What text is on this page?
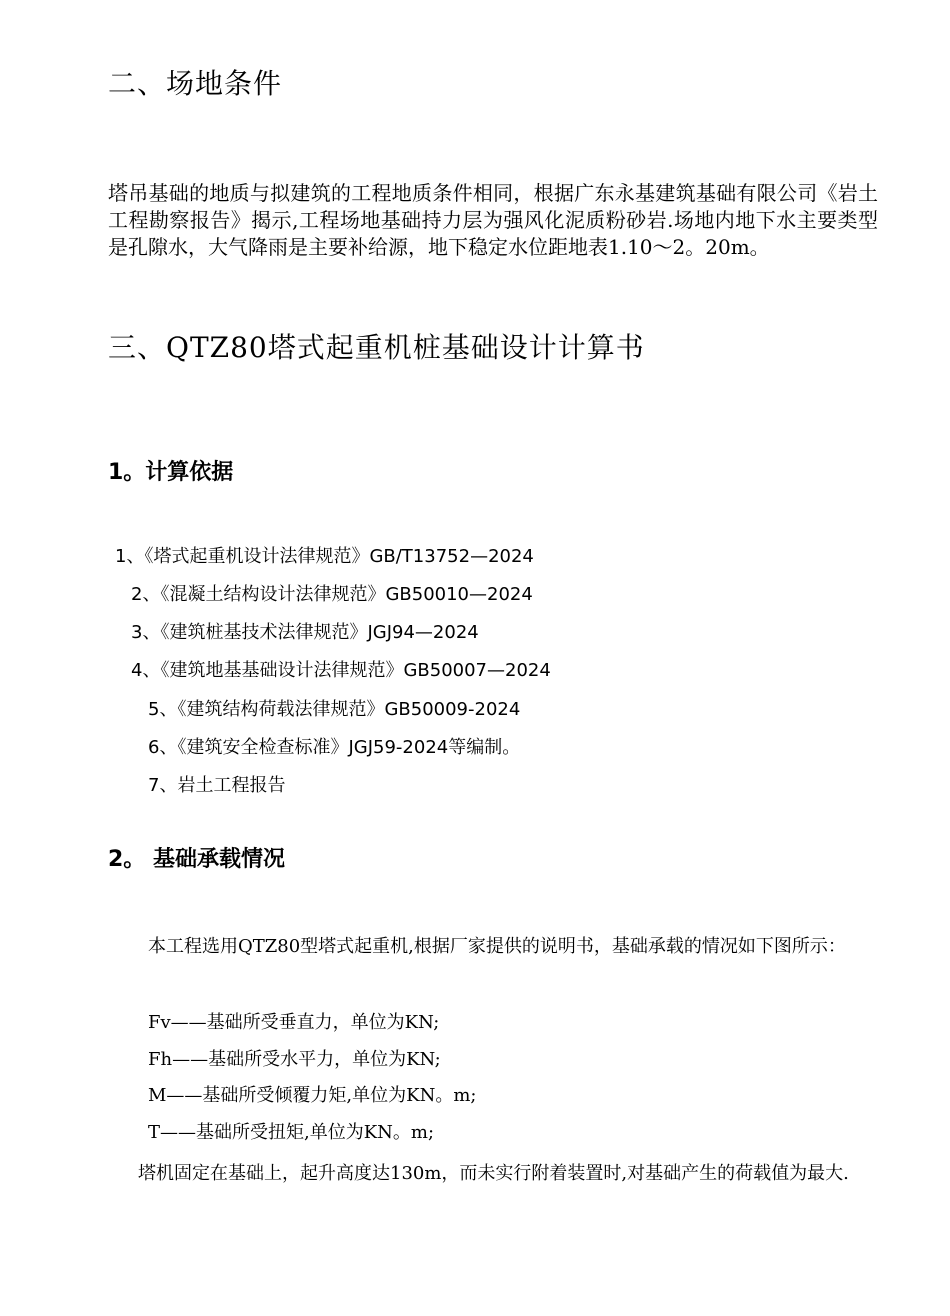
二、场地条件
塔吊基础的地质与拟建筑的工程地质条件相同，根据广东永基建筑基础有限公司《岩土工程勘察报告》揭示,工程场地基础持力层为强风化泥质粉砂岩.场地内地下水主要类型是孔隙水，大气降雨是主要补给源，地下稳定水位距地表1.10～2。20m。
三、QTZ80塔式起重机桩基础设计计算书
1。计算依据
1、《塔式起重机设计法律规范》GB/T13752—2024
2、《混凝土结构设计法律规范》GB50010—2024
3、《建筑桩基技术法律规范》JGJ94—2024
4、《建筑地基基础设计法律规范》GB50007—2024
5、《建筑结构荷载法律规范》GB50009-2024
6、《建筑安全检查标准》JGJ59-2024等编制。
7、岩土工程报告
2。 基础承载情况
本工程选用QTZ80型塔式起重机,根据厂家提供的说明书，基础承载的情况如下图所示：
Fv——基础所受垂直力，单位为KN;
Fh——基础所受水平力，单位为KN;
M——基础所受倾覆力矩,单位为KN。m;
T——基础所受扭矩,单位为KN。m;
塔机固定在基础上，起升高度达130m，而未实行附着装置时,对基础产生的荷载值为最大.
